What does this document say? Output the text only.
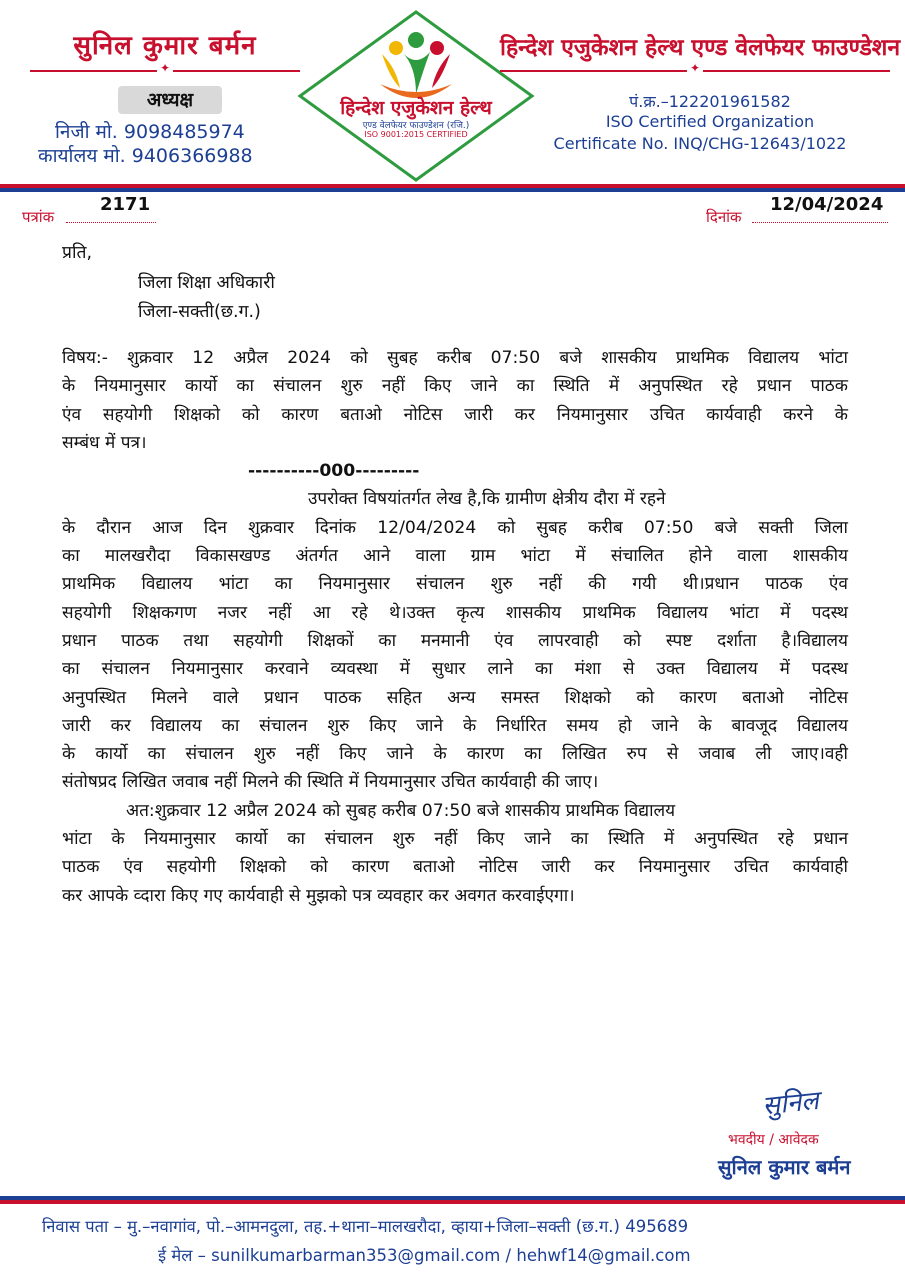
सुनिल कुमार बर्मन
✦
अध्यक्ष
निजी मो. 9098485974
कार्यालय मो. 9406366988
हिन्देश एजुकेशन हेल्थ
एण्ड वेलफेयर फाउण्डेशन (रजि.)
ISO 9001:2015 CERTIFIED
हिन्देश एजुकेशन हेल्थ एण्ड वेलफेयर फाउण्डेशन
✦
पं.क्र.–122201961582
ISO Certified Organization
Certificate No. INQ/CHG-12643/1022
पत्रांक
2171
दिनांक
12/04/2024
प्रति,
जिला शिक्षा अधिकारी
जिला-सक्ती(छ.ग.)
विषय:- शुक्रवार 12 अप्रैल 2024 को सुबह करीब 07:50 बजे शासकीय प्राथमिक विद्यालय भांटा
के नियमानुसार कार्यो का संचालन शुरु नहीं किए जाने का स्थिति में अनुपस्थित रहे प्रधान पाठक
एंव सहयोगी शिक्षको को कारण बताओ नोटिस जारी कर नियमानुसार उचित कार्यवाही करने के
सम्बंध में पत्र।
----------000---------
उपरोक्त विषयांतर्गत लेख है,कि ग्रामीण क्षेत्रीय दौरा में रहने
के दौरान आज दिन शुक्रवार दिनांक 12/04/2024 को सुबह करीब 07:50 बजे सक्ती जिला
का मालखरौदा विकासखण्ड अंतर्गत आने वाला ग्राम भांटा में संचालित होने वाला शासकीय
प्राथमिक विद्यालय भांटा का नियमानुसार संचालन शुरु नहीं की गयी थी।प्रधान पाठक एंव
सहयोगी शिक्षकगण नजर नहीं आ रहे थे।उक्त कृत्य शासकीय प्राथमिक विद्यालय भांटा में पदस्थ
प्रधान पाठक तथा सहयोगी शिक्षकों का मनमानी एंव लापरवाही को स्पष्ट दर्शाता है।विद्यालय
का संचालन नियमानुसार करवाने व्यवस्था में सुधार लाने का मंशा से उक्त विद्यालय में पदस्थ
अनुपस्थित मिलने वाले प्रधान पाठक सहित अन्य समस्त शिक्षको को कारण बताओ नोटिस
जारी कर विद्यालय का संचालन शुरु किए जाने के निर्धारित समय हो जाने के बावजूद विद्यालय
के कार्यो का संचालन शुरु नहीं किए जाने के कारण का लिखित रुप से जवाब ली जाए।वही
संतोषप्रद लिखित जवाब नहीं मिलने की स्थिति में नियमानुसार उचित कार्यवाही की जाए।
अत:शुक्रवार 12 अप्रैल 2024 को सुबह करीब 07:50 बजे शासकीय प्राथमिक विद्यालय
भांटा के नियमानुसार कार्यो का संचालन शुरु नहीं किए जाने का स्थिति में अनुपस्थित रहे प्रधान
पाठक एंव सहयोगी शिक्षको को कारण बताओ नोटिस जारी कर नियमानुसार उचित कार्यवाही
कर आपके व्दारा किए गए कार्यवाही से मुझको पत्र व्यवहार कर अवगत करवाईएगा।
सुनिल
भवदीय / आवेदक
सुनिल कुमार बर्मन
निवास पता – मु.–नवागांव, पो.–आमनदुला, तह.+थाना–मालखरौदा, व्हाया+जिला–सक्ती (छ.ग.) 495689
ई मेल – sunilkumarbarman353@gmail.com / hehwf14@gmail.com
